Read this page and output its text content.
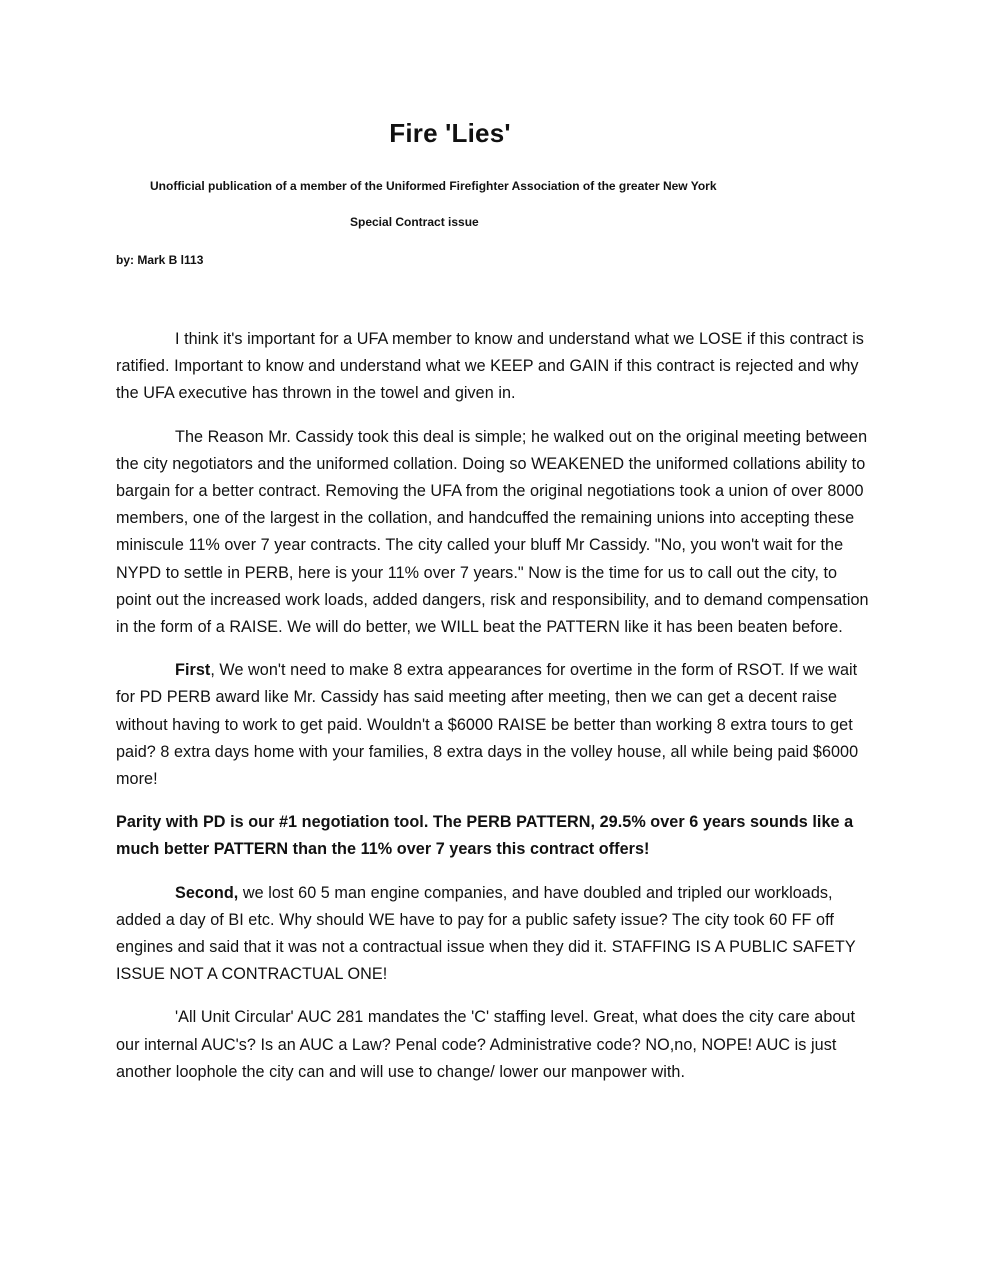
Fire 'Lies'
Unofficial publication of a member of the Uniformed Firefighter Association of the greater New York
Special Contract issue
by: Mark B l113

I think it's important for a UFA member to know and understand what we LOSE if this contract is ratified. Important to know and understand what we KEEP and GAIN if this contract is rejected and why the UFA executive has thrown in the towel and given in.

The Reason Mr. Cassidy took this deal is simple; he walked out on the original meeting between the city negotiators and the uniformed collation. Doing so WEAKENED the uniformed collations ability to bargain for a better contract. Removing the UFA from the original negotiations took a union of over 8000 members, one of the largest in the collation, and handcuffed the remaining unions into accepting these miniscule 11% over 7 year contracts. The city called your bluff Mr Cassidy. "No, you won't wait for the NYPD to settle in PERB, here is your 11% over 7 years." Now is the time for us to call out the city, to point out the increased work loads, added dangers, risk and responsibility, and to demand compensation in the form of a RAISE. We will do better, we WILL beat the PATTERN like it has been beaten before.

First, We won't need to make 8 extra appearances for overtime in the form of RSOT. If we wait for PD PERB award like Mr. Cassidy has said meeting after meeting, then we can get a decent raise without having to work to get paid. Wouldn't a $6000 RAISE be better than working 8 extra tours to get paid? 8 extra days home with your families, 8 extra days in the volley house, all while being paid $6000 more!

Parity with PD is our #1 negotiation tool. The PERB PATTERN, 29.5% over 6 years sounds like a much better PATTERN than the 11% over 7 years this contract offers!

Second, we lost 60 5 man engine companies, and have doubled and tripled our workloads, added a day of BI etc. Why should WE have to pay for a public safety issue? The city took 60 FF off engines and said that it was not a contractual issue when they did it. STAFFING IS A PUBLIC SAFETY ISSUE NOT A CONTRACTUAL ONE!

'All Unit Circular' AUC 281 mandates the 'C' staffing level. Great, what does the city care about our internal AUC's? Is an AUC a Law? Penal code? Administrative code? NO,no, NOPE! AUC is just another loophole the city can and will use to change/ lower our manpower with.
